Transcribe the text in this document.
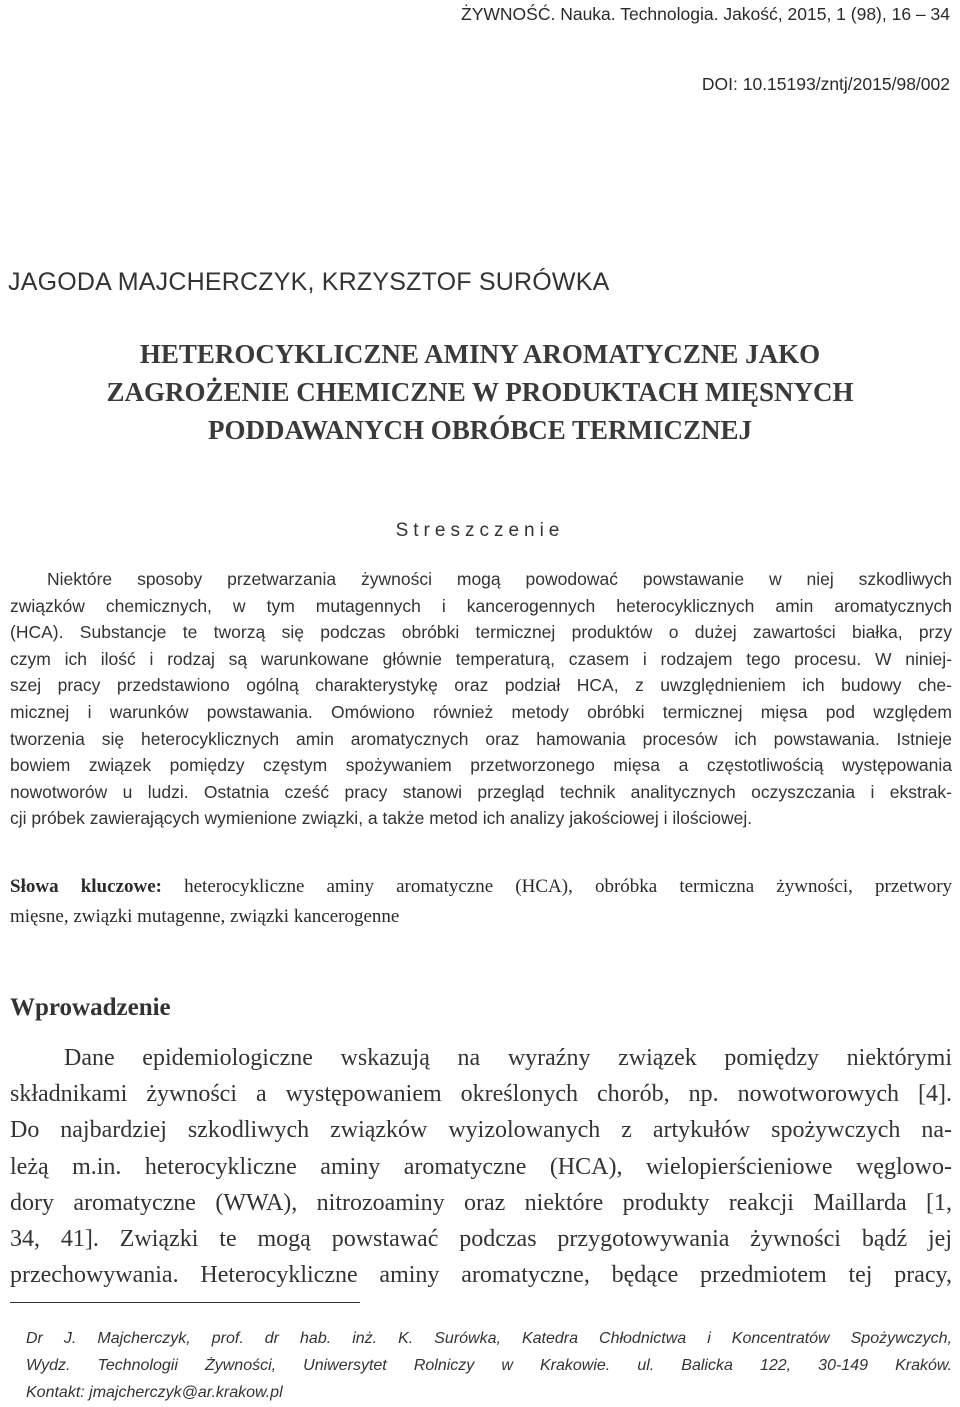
ŻYWNOŚĆ. Nauka. Technologia. Jakość, 2015, 1 (98), 16 – 34
DOI: 10.15193/zntj/2015/98/002
JAGODA MAJCHERCZYK, KRZYSZTOF SURÓWKA
HETEROCYKLICZNE AMINY AROMATYCZNE JAKO
ZAGROŻENIE CHEMICZNE W PRODUKTACH MIĘSNYCH
PODDAWANYCH OBRÓBCE TERMICZNEJ
Streszczenie
Niektóre sposoby przetwarzania żywności mogą powodować powstawanie w niej szkodliwych
związków chemicznych, w tym mutagennych i kancerogennych heterocyklicznych amin aromatycznych
(HCA). Substancje te tworzą się podczas obróbki termicznej produktów o dużej zawartości białka, przy
czym ich ilość i rodzaj są warunkowane głównie temperaturą, czasem i rodzajem tego procesu. W niniej-
szej pracy przedstawiono ogólną charakterystykę oraz podział HCA, z uwzględnieniem ich budowy che-
micznej i warunków powstawania. Omówiono również metody obróbki termicznej mięsa pod względem
tworzenia się heterocyklicznych amin aromatycznych oraz hamowania procesów ich powstawania. Istnieje
bowiem związek pomiędzy częstym spożywaniem przetworzonego mięsa a częstotliwością występowania
nowotworów u ludzi. Ostatnia cześć pracy stanowi przegląd technik analitycznych oczyszczania i ekstrak-
cji próbek zawierających wymienione związki, a także metod ich analizy jakościowej i ilościowej.
Słowa kluczowe: heterocykliczne aminy aromatyczne (HCA), obróbka termiczna żywności, przetwory
mięsne, związki mutagenne, związki kancerogenne
Wprowadzenie
Dane epidemiologiczne wskazują na wyraźny związek pomiędzy niektórymi
składnikami żywności a występowaniem określonych chorób, np. nowotworowych [4].
Do najbardziej szkodliwych związków wyizolowanych z artykułów spożywczych na-
leżą m.in. heterocykliczne aminy aromatyczne (HCA), wielopierścieniowe węglowo-
dory aromatyczne (WWA), nitrozoaminy oraz niektóre produkty reakcji Maillarda [1,
34, 41]. Związki te mogą powstawać podczas przygotowywania żywności bądź jej
przechowywania. Heterocykliczne aminy aromatyczne, będące przedmiotem tej pracy,
Dr J. Majcherczyk, prof. dr hab. inż. K. Surówka, Katedra Chłodnictwa i Koncentratów Spożywczych,
Wydz. Technologii Żywności, Uniwersytet Rolniczy w Krakowie. ul. Balicka 122, 30-149 Kraków.
Kontakt: jmajcherczyk@ar.krakow.pl
